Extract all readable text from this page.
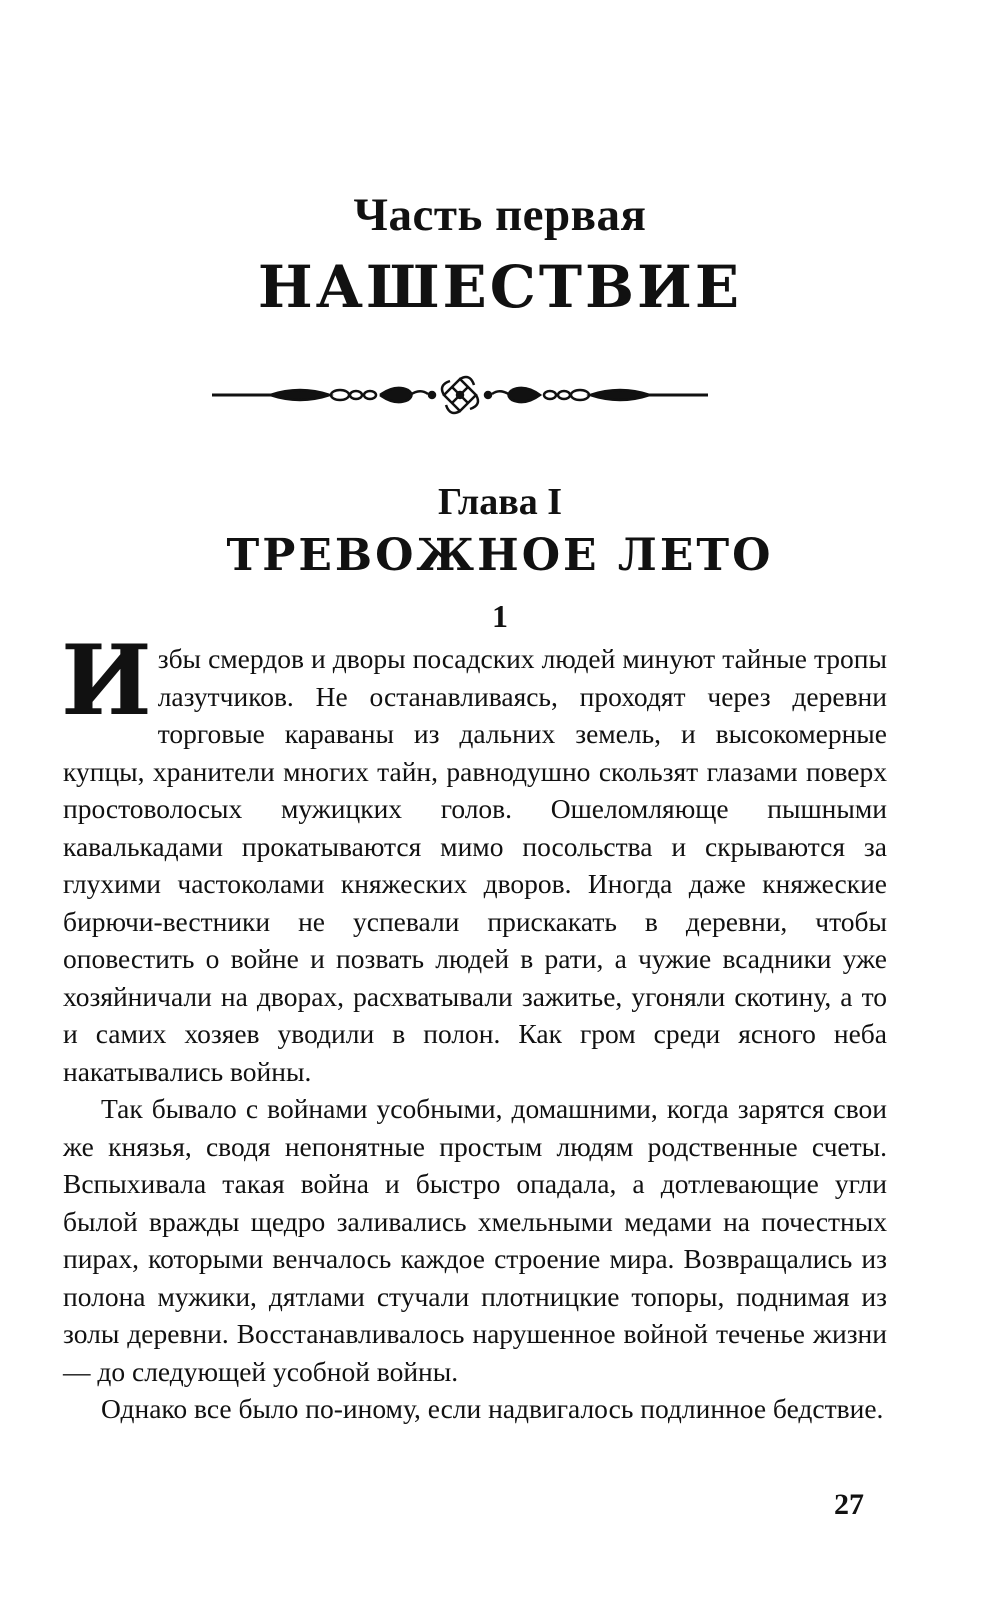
Часть первая
НАШЕСТВИЕ
Глава I
ТРЕВОЖНОЕ ЛЕТО
1

Избы смердов и дворы посадских людей минуют тайные тропы лазутчиков. Не останавливаясь, проходят через деревни торговые караваны из дальних земель, и высокомерные купцы, хранители многих тайн, равнодушно скользят глазами поверх простоволосых мужицких голов. Ошеломляюще пышными кавалькадами прокатываются мимо посольства и скрываются за глухими частоколами княжеских дворов. Иногда даже княжеские бирючи-вестники не успевали прискакать в деревни, чтобы оповестить о войне и позвать людей в рати, а чужие всадники уже хозяйничали на дворах, расхватывали зажитье, угоняли скотину, а то и самих хозяев уводили в полон. Как гром среди ясного неба накатывались войны.

Так бывало с войнами усобными, домашними, когда зарятся свои же князья, сводя непонятные простым людям родственные счеты. Вспыхивала такая война и быстро опадала, а дотлевающие угли былой вражды щедро заливались хмельными медами на почестных пирах, которыми венчалось каждое строение мира. Возвращались из полона мужики, дятлами стучали плотницкие топоры, поднимая из золы деревни. Восстанавливалось нарушенное войной теченье жизни — до следующей усобной войны.

Однако все было по-иному, если надвигалось подлинное бедствие.

27
